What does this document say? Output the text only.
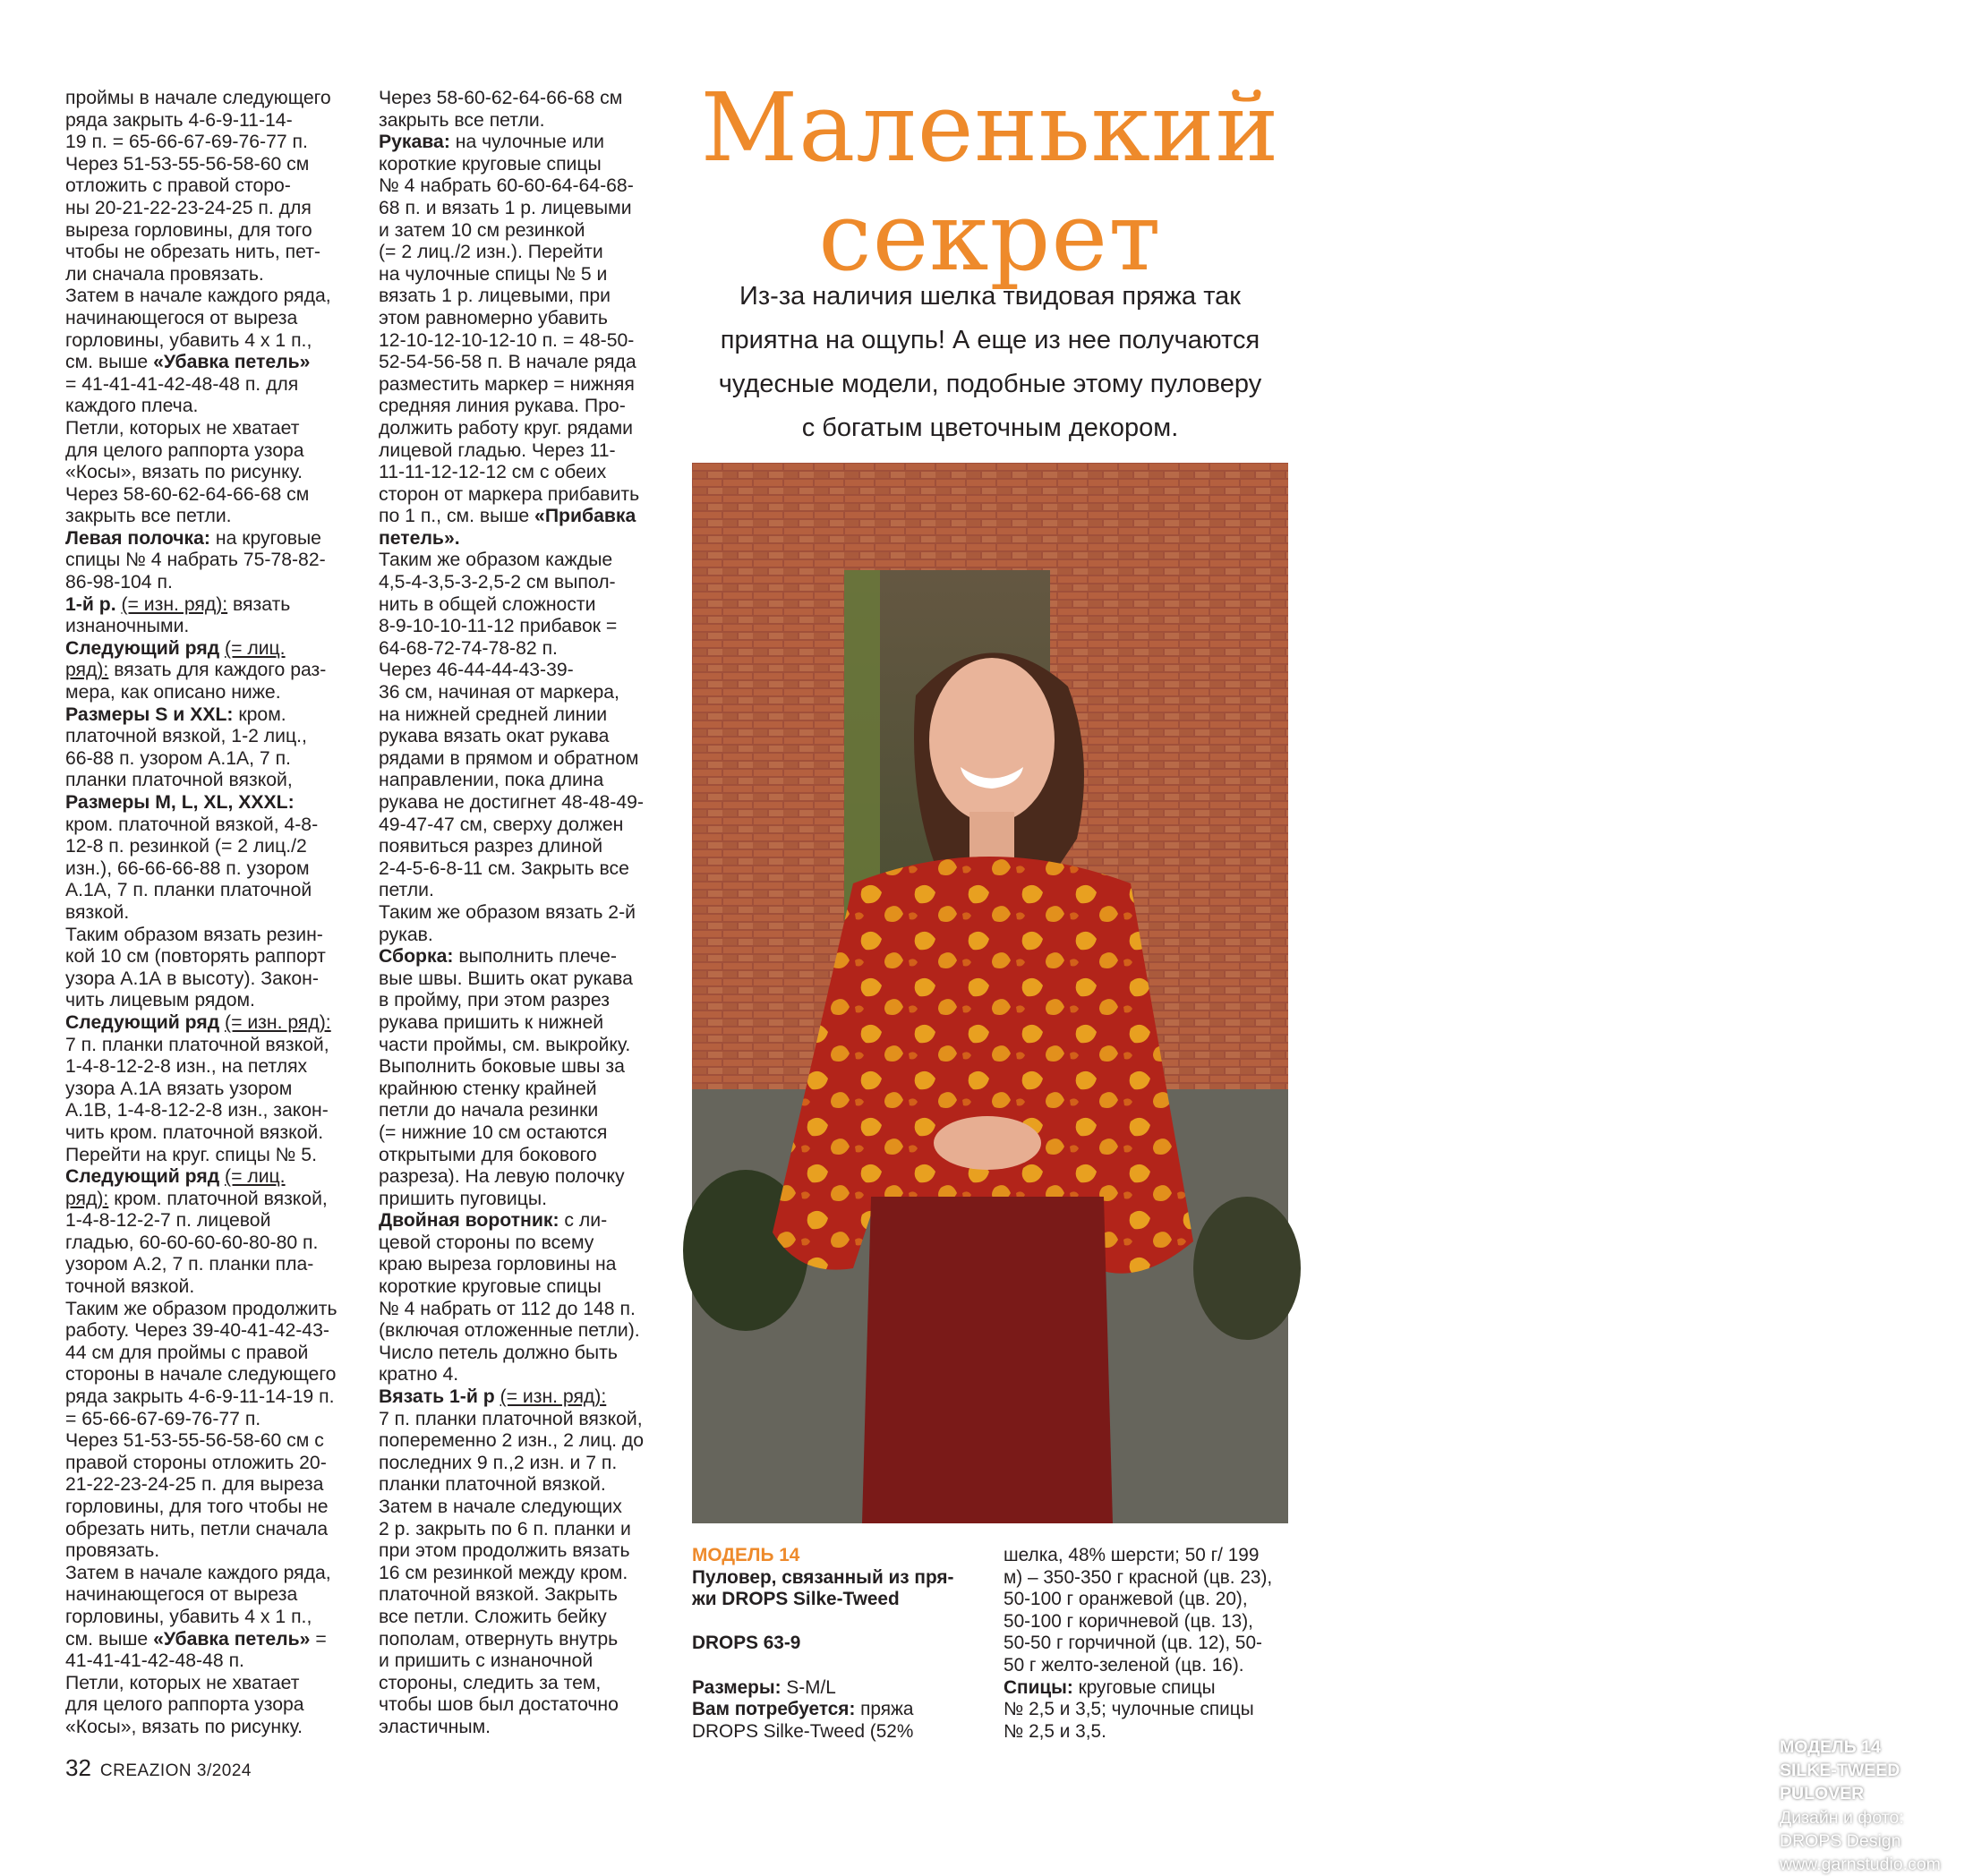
проймы в начале следующего

ряда закрыть 4-6-9-11-14-

19 п. = 65-66-67-69-76-77 п.

Через 51-53-55-56-58-60 см

отложить с правой сторо-

ны 20-21-22-23-24-25 п. для

выреза горловины, для того

чтобы не обрезать нить, пет-

ли сначала провязать.

Затем в начале каждого ряда,

начинающегося от выреза

горловины, убавить 4 х 1 п.,

см. выше «Убавка петель»

= 41-41-41-42-48-48 п. для

каждого плеча.

Петли, которых не хватает

для целого раппорта узора

«Косы», вязать по рисунку.

Через 58-60-62-64-66-68 см

закрыть все петли.

Левая полочка: на круговые

спицы № 4 набрать 75-78-82-

86-98-104 п.

1-й р. (= изн. ряд): вязать

изнаночными.

Следующий ряд (= лиц.

ряд): вязать для каждого раз-

мера, как описано ниже.

Размеры S и XXL: кром.

платочной вязкой, 1-2 лиц.,

66-88 п. узором А.1А, 7 п.

планки платочной вязкой,

Размеры M, L, XL, XXXL:

кром. платочной вязкой, 4-8-

12-8 п. резинкой (= 2 лиц./2

изн.), 66-66-66-88 п. узором

А.1А, 7 п. планки платочной

вязкой.

Таким образом вязать резин-

кой 10 см (повторять раппорт

узора А.1А в высоту). Закон-

чить лицевым рядом.

Следующий ряд (= изн. ряд):

7 п. планки платочной вязкой,

1-4-8-12-2-8 изн., на петлях

узора А.1А вязать узором

А.1В, 1-4-8-12-2-8 изн., закон-

чить кром. платочной вязкой.

Перейти на круг. спицы № 5.

Следующий ряд (= лиц.

ряд): кром. платочной вязкой,

1-4-8-12-2-7 п. лицевой

гладью, 60-60-60-60-80-80 п.

узором А.2, 7 п. планки пла-

точной вязкой.

Таким же образом продолжить

работу. Через 39-40-41-42-43-

44 см для проймы с правой

стороны в начале следующего

ряда закрыть 4-6-9-11-14-19 п.

= 65-66-67-69-76-77 п.

Через 51-53-55-56-58-60 см с

правой стороны отложить 20-

21-22-23-24-25 п. для выреза

горловины, для того чтобы не

обрезать нить, петли сначала

провязать.

Затем в начале каждого ряда,

начинающегося от выреза

горловины, убавить 4 х 1 п.,

см. выше «Убавка петель» =

41-41-41-42-48-48 п.

Петли, которых не хватает

для целого раппорта узора

«Косы», вязать по рисунку.

Через 58-60-62-64-66-68 см

закрыть все петли.

Рукава: на чулочные или

короткие круговые спицы

№ 4 набрать 60-60-64-64-68-

68 п. и вязать 1 р. лицевыми

и затем 10 см резинкой

(= 2 лиц./2 изн.). Перейти

на чулочные спицы № 5 и

вязать 1 р. лицевыми, при

этом равномерно убавить

12-10-12-10-12-10 п. = 48-50-

52-54-56-58 п. В начале ряда

разместить маркер = нижняя

средняя линия рукава. Про-

должить работу круг. рядами

лицевой гладью. Через 11-

11-11-12-12-12 см с обеих

сторон от маркера прибавить

по 1 п., см. выше «Прибавка

петель».

Таким же образом каждые

4,5-4-3,5-3-2,5-2 см выпол-

нить в общей сложности

8-9-10-10-11-12 прибавок =

64-68-72-74-78-82 п.

Через 46-44-44-43-39-

36 см, начиная от маркера,

на нижней средней линии

рукава вязать окат рукава

рядами в прямом и обратном

направлении, пока длина

рукава не достигнет 48-48-49-

49-47-47 см, сверху должен

появиться разрез длиной

2-4-5-6-8-11 см. Закрыть все

петли.

Таким же образом вязать 2-й

рукав.

Сборка: выполнить плече-

вые швы. Вшить окат рукава

в пройму, при этом разрез

рукава пришить к нижней

части проймы, см. выкройку.

Выполнить боковые швы за

крайнюю стенку крайней

петли до начала резинки

(= нижние 10 см остаются

открытыми для бокового

разреза). На левую полочку

пришить пуговицы.

Двойная воротник: с ли-

цевой стороны по всему

краю выреза горловины на

короткие круговые спицы

№ 4 набрать от 112 до 148 п.

(включая отложенные петли).

Число петель должно быть

кратно 4.

Вязать 1-й р (= изн. ряд):

7 п. планки платочной вязкой,

попеременно 2 изн., 2 лиц. до

последних 9 п.,2 изн. и 7 п.

планки платочной вязкой.

Затем в начале следующих

2 р. закрыть по 6 п. планки и

при этом продолжить вязать

16 см резинкой между кром.

платочной вязкой. Закрыть

все петли. Сложить бейку

пополам, отвернуть внутрь

и пришить с изнаночной

стороны, следить за тем,

чтобы шов был достаточно

эластичным.

Маленький
секрет
Из-за наличия шелка твидовая пряжа так
приятна на ощупь! А еще из нее получаются
чудесные модели, подобные этому пуловеру
с богатым цветочным декором.
МОДЕЛЬ 14
SILKE-TWEED
PULOVER
Дизайн и фото:
DROPS Design
www.garnstudio.com
МОДЕЛЬ 14
Пуловер, связанный из пря-
жи DROPS Silke-Tweed
DROPS 63-9
Размеры: S-M/L
Вам потребуется: пряжа
DROPS Silke-Tweed (52%
шелка, 48% шерсти; 50 г/ 199
м) – 350-350 г красной (цв. 23),
50-100 г оранжевой (цв. 20),
50-100 г коричневой (цв. 13),
50-50 г горчичной (цв. 12), 50-
50 г желто-зеленой (цв. 16).
Спицы: круговые спицы
№ 2,5 и 3,5; чулочные спицы
№ 2,5 и 3,5.
32 CREAZION 3/2024
